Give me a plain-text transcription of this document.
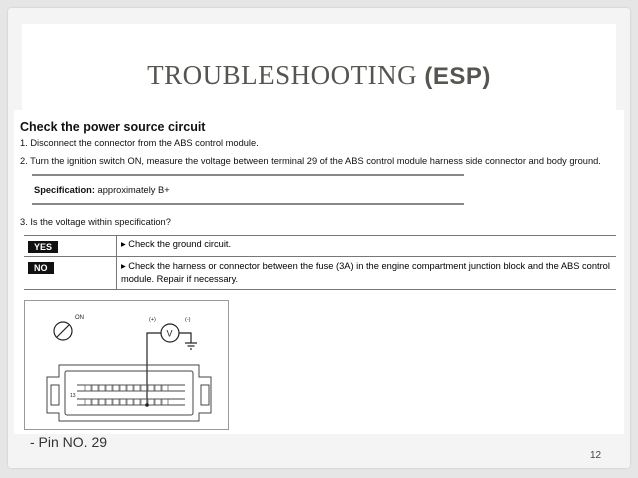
TROUBLESHOOTING (ESP)
Check the power source circuit
1. Disconnect the connector from the ABS control module.
2. Turn the ignition switch ON, measure the voltage between terminal 29 of the ABS control module harness side connector and body ground.
Specification: approximately B+
3. Is the voltage within specification?
YES	▸ Check the ground circuit.
NO	▸ Check the harness or connector between the fuse (3A) in the engine compartment junction block and the ABS control module. Repair if necessary.
ON
V
(+)	(-)
13
- Pin NO. 29
12
